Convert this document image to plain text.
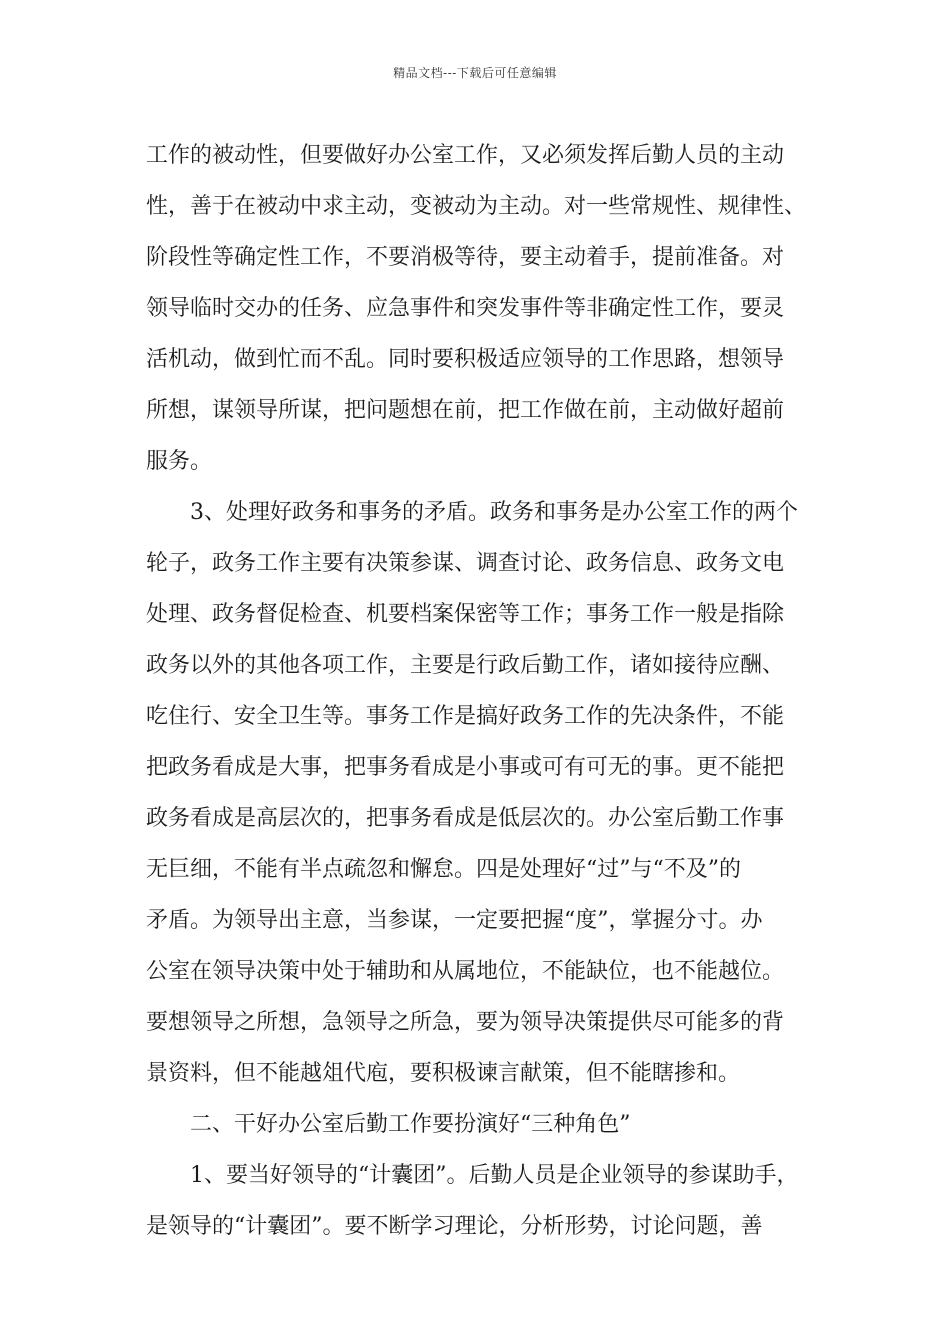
精品文档---下载后可任意编辑
工作的被动性，但要做好办公室工作，又必须发挥后勤人员的主动
性，善于在被动中求主动，变被动为主动。对一些常规性、规律性、
阶段性等确定性工作，不要消极等待，要主动着手，提前准备。对
领导临时交办的任务、应急事件和突发事件等非确定性工作，要灵
活机动，做到忙而不乱。同时要积极适应领导的工作思路，想领导
所想，谋领导所谋，把问题想在前，把工作做在前，主动做好超前
服务。
3、处理好政务和事务的矛盾。政务和事务是办公室工作的两个
轮子，政务工作主要有决策参谋、调查讨论、政务信息、政务文电
处理、政务督促检查、机要档案保密等工作；事务工作一般是指除
政务以外的其他各项工作，主要是行政后勤工作，诸如接待应酬、
吃住行、安全卫生等。事务工作是搞好政务工作的先决条件，不能
把政务看成是大事，把事务看成是小事或可有可无的事。更不能把
政务看成是高层次的，把事务看成是低层次的。办公室后勤工作事
无巨细，不能有半点疏忽和懈怠。四是处理好“过”与“不及”的
矛盾。为领导出主意，当参谋，一定要把握“度”，掌握分寸。办
公室在领导决策中处于辅助和从属地位，不能缺位，也不能越位。
要想领导之所想，急领导之所急，要为领导决策提供尽可能多的背
景资料，但不能越俎代庖，要积极谏言献策，但不能瞎掺和。
二、干好办公室后勤工作要扮演好“三种角色”
1、要当好领导的“计囊团”。后勤人员是企业领导的参谋助手，
是领导的“计囊团”。要不断学习理论，分析形势，讨论问题，善
